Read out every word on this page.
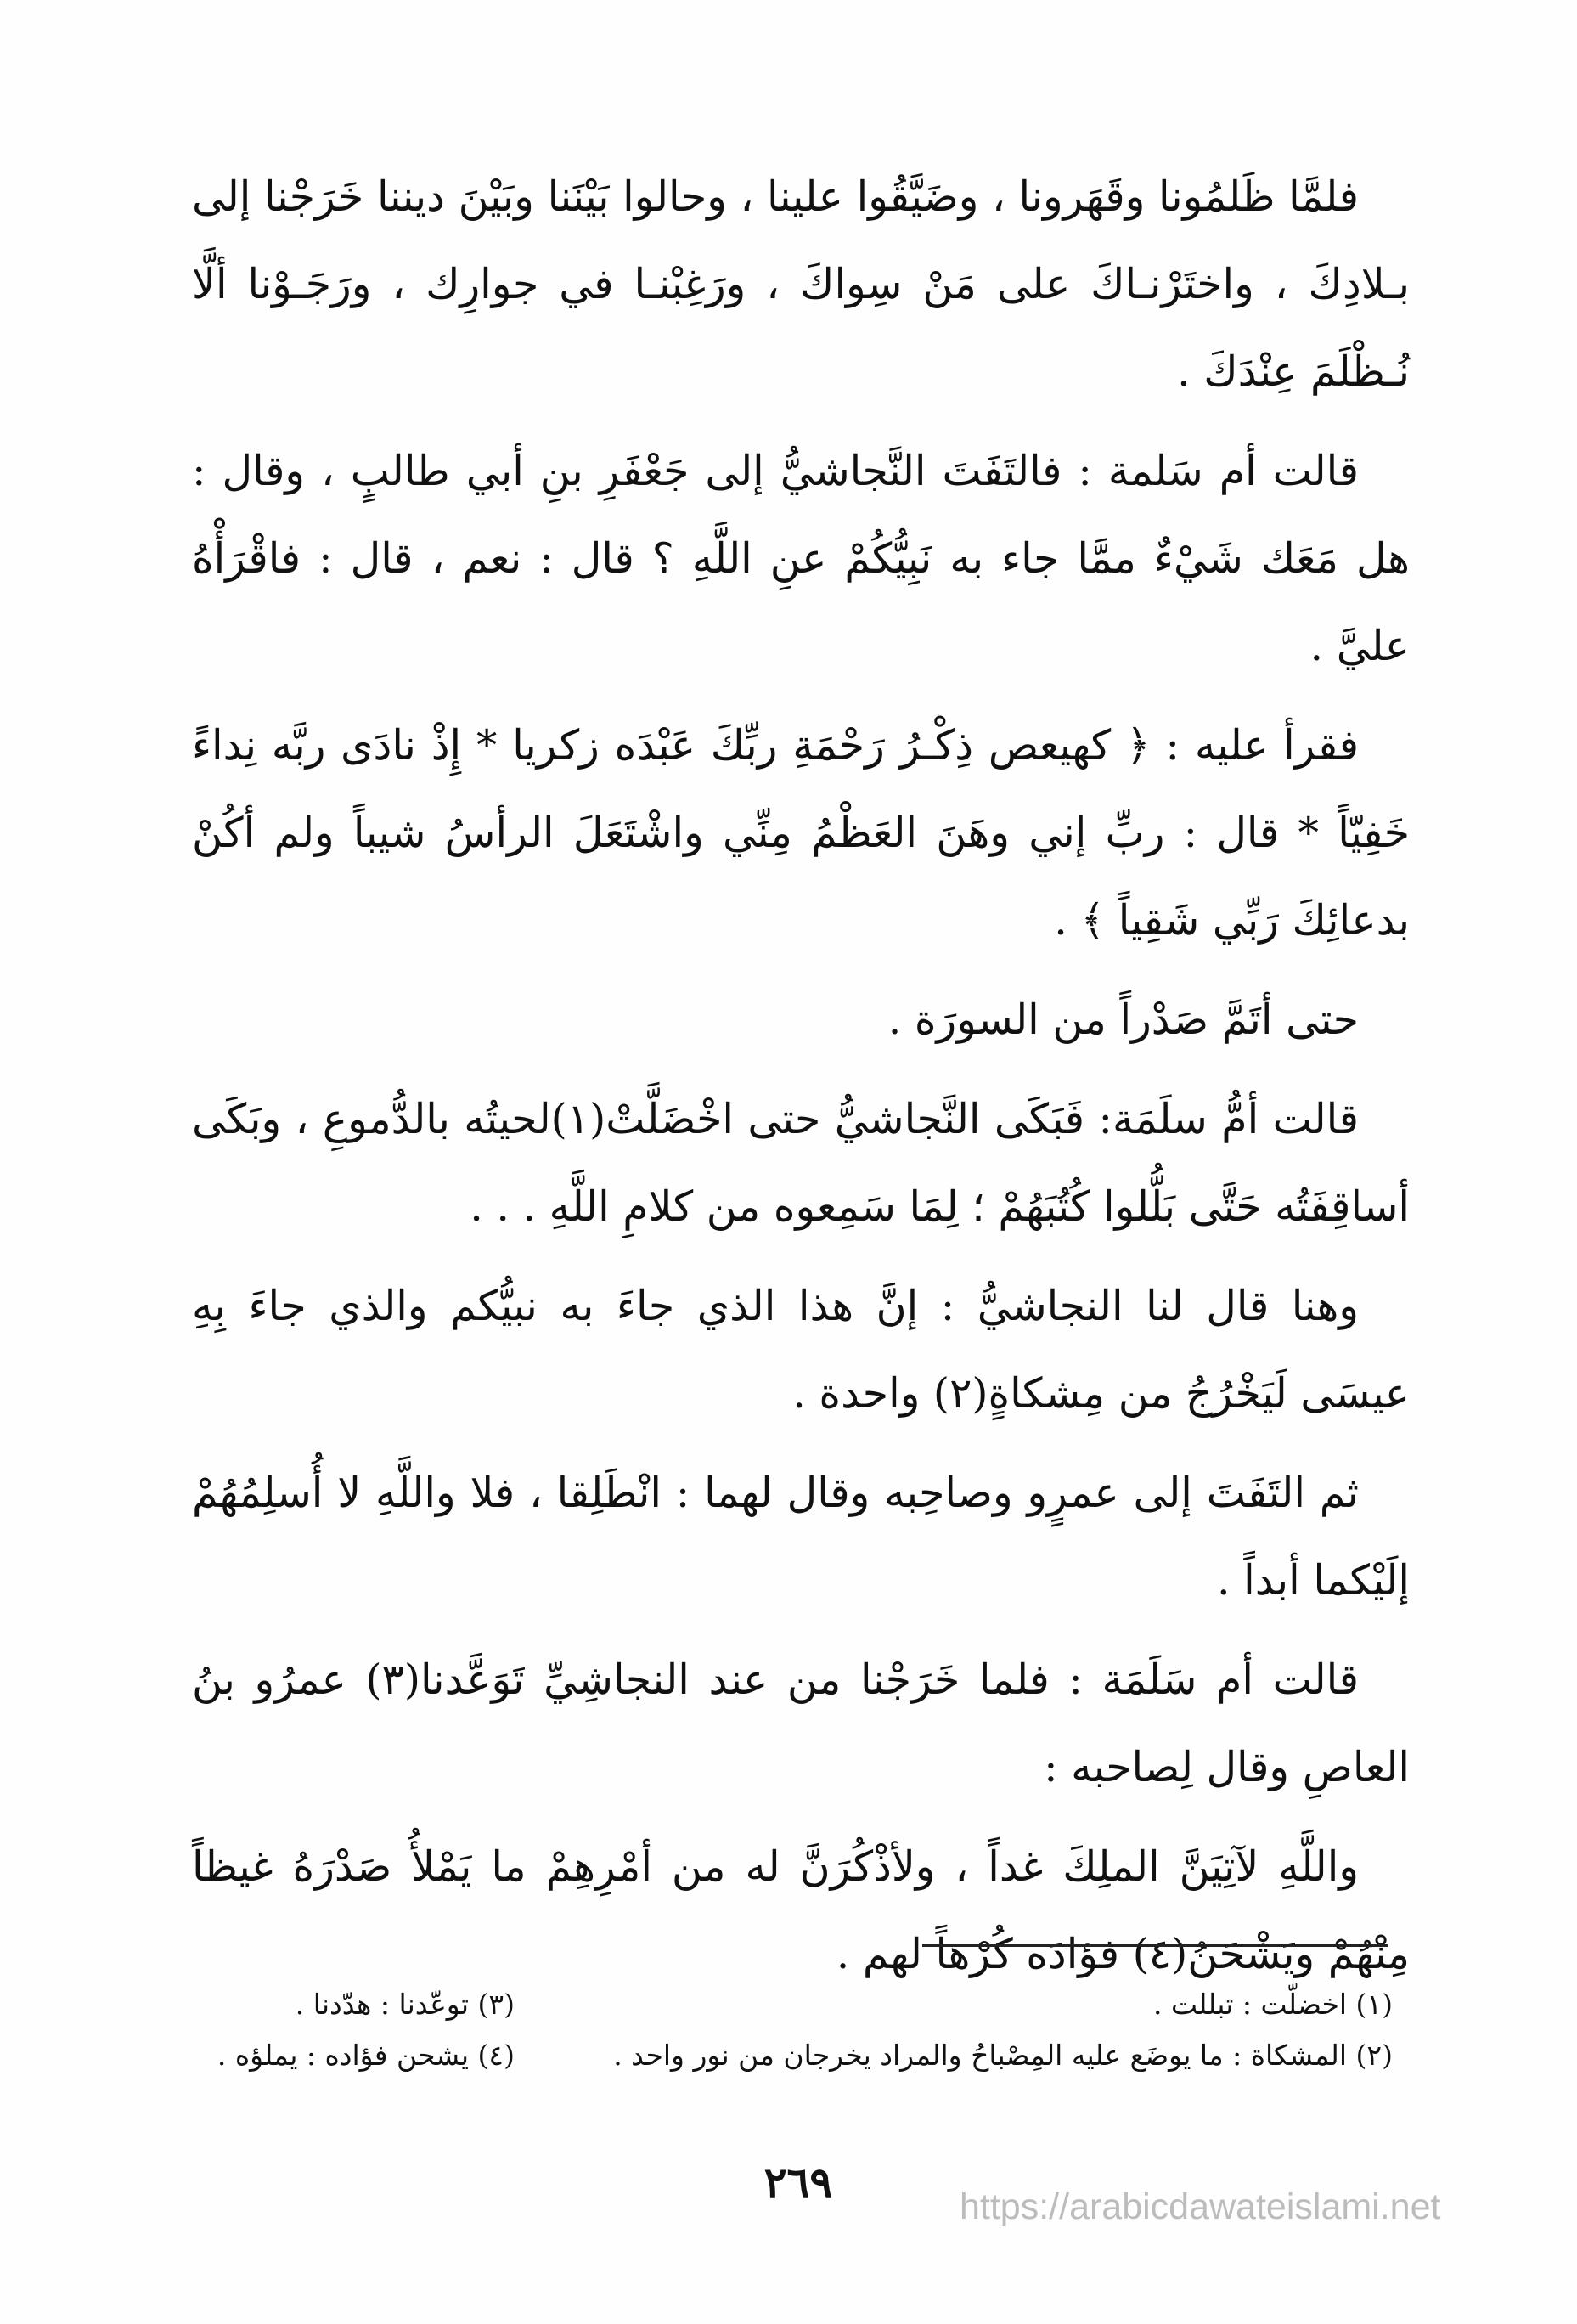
فلمَّا ظَلمُونا وقَهَرونا ، وضَيَّقُوا علينا ، وحالوا بَيْنَنا وبَيْنَ ديننا خَرَجْنا إلى بـلادِكَ ، واختَرْنـاكَ على مَنْ سِواكَ ، ورَغِبْنـا في جوارِك ، ورَجَـوْنا ألَّا نُـظْلَمَ عِنْدَكَ .

قالت أم سَلمة : فالتَفَتَ النَّجاشيُّ إلى جَعْفَرِ بنِ أبي طالبٍ ، وقال : هل مَعَك شَيْءٌ ممَّا جاء به نَبِيُّكُمْ عنِ اللَّهِ ؟ قال : نعم ، قال : فاقْرَأْهُ عليَّ .

فقرأ عليه : ﴿ كهيعص ذِكْـرُ رَحْمَةِ ربِّكَ عَبْدَه زكريا * إِذْ نادَى ربَّه نِداءً خَفِيّاً * قال : ربِّ إني وهَنَ العَظْمُ مِنِّي واشْتَعَلَ الرأسُ شيباً ولم أكُنْ بدعائِكَ رَبِّي شَقِياً ﴾ .

حتى أتَمَّ صَدْراً من السورَة .

قالت أمُّ سلَمَة: فَبَكَى النَّجاشيُّ حتى اخْضَلَّتْ(١)لحيتُه بالدُّموعِ ، وبَكَى أساقِفَتُه حَتَّى بَلُّلوا كُتُبَهُمْ ؛ لِمَا سَمِعوه من كلامِ اللَّهِ . . .

وهنا قال لنا النجاشيُّ : إنَّ هذا الذي جاءَ به نبيُّكم والذي جاءَ بِهِ عيسَى لَيَخْرُجُ من مِشكاةٍ(٢) واحدة .

ثم التَفَتَ إلى عمرٍو وصاحِبه وقال لهما : انْطَلِقا ، فلا واللَّهِ لا أُسلِمُهُمْ إلَيْكما أبداً .

قالت أم سَلَمَة : فلما خَرَجْنا من عند النجاشِيِّ تَوَعَّدنا(٣) عمرُو بنُ العاصِ وقال لِصاحبه :

واللَّهِ لآتِيَنَّ الملِكَ غداً ، ولأذْكُرَنَّ له من أمْرِهِمْ ما يَمْلأُ صَدْرَهُ غيظاً مِنْهُمْ ويَشْحَنُ(٤) فؤادَه كُرْهاً لهم .

(١) اخضلّت : تبللت .

(٢) المشكاة : ما يوضَع عليه المِصْباحُ والمراد يخرجان من نور واحد .

(٣) توعّدنا : هدّدنا .

(٤) يشحن فؤاده : يملؤه .

٢٦٩	https://arabicdawateislami.net
